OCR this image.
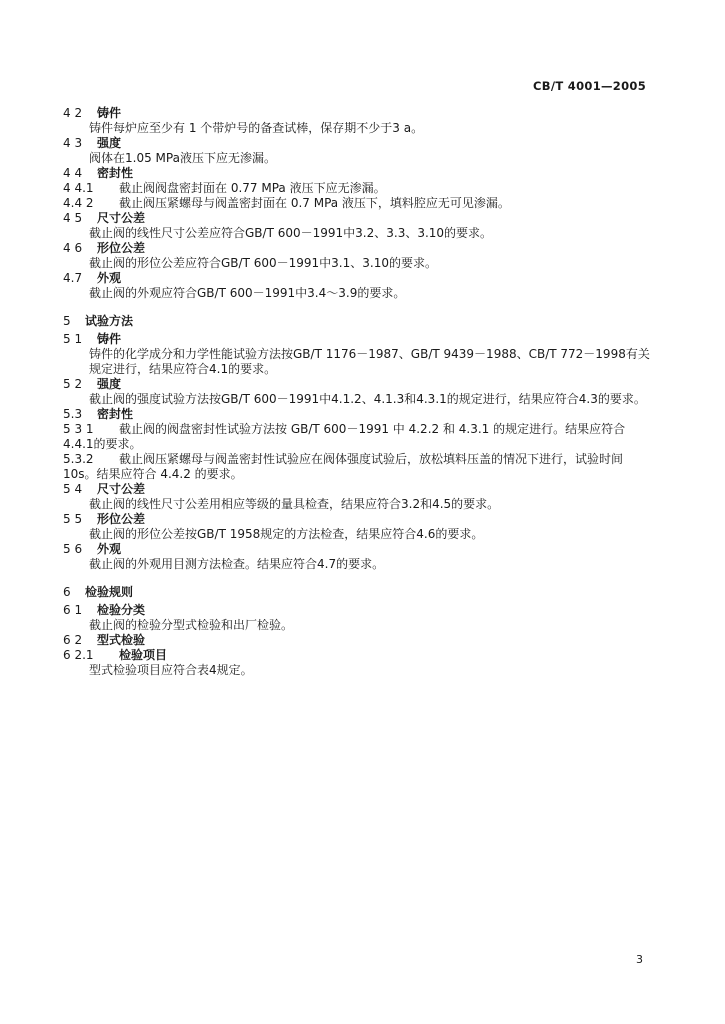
CB/T 4001—2005
4 2 铸件
铸件每炉应至少有 1 个带炉号的备查试棒，保存期不少于3 a。
4 3 强度
阀体在1.05 MPa液压下应无渗漏。
4 4 密封性
4 4.1 截止阀阀盘密封面在 0.77 MPa 液压下应无渗漏。
4.4 2 截止阀压紧螺母与阀盖密封面在 0.7 MPa 液压下，填料腔应无可见渗漏。
4 5 尺寸公差
截止阀的线性尺寸公差应符合GB/T 600－1991中3.2、3.3、3.10的要求。
4 6 形位公差
截止阀的形位公差应符合GB/T 600－1991中3.1、3.10的要求。
4.7 外观
截止阀的外观应符合GB/T 600－1991中3.4～3.9的要求。
5 试验方法
5 1 铸件
铸件的化学成分和力学性能试验方法按GB/T 1176－1987、GB/T 9439－1988、CB/T 772－1998有关规定进行，结果应符合4.1的要求。
5 2 强度
截止阀的强度试验方法按GB/T 600－1991中4.1.2、4.1.3和4.3.1的规定进行，结果应符合4.3的要求。
5.3 密封性
5 3 1 截止阀的阀盘密封性试验方法按 GB/T 600－1991 中 4.2.2 和 4.3.1 的规定进行。结果应符合4.4.1的要求。
5.3.2 截止阀压紧螺母与阀盖密封性试验应在阀体强度试验后，放松填料压盖的情况下进行，试验时间10s。结果应符合 4.4.2 的要求。
5 4 尺寸公差
截止阀的线性尺寸公差用相应等级的量具检查，结果应符合3.2和4.5的要求。
5 5 形位公差
截止阀的形位公差按GB/T 1958规定的方法检查，结果应符合4.6的要求。
5 6 外观
截止阀的外观用目测方法检查。结果应符合4.7的要求。
6 检验规则
6 1 检验分类
截止阀的检验分型式检验和出厂检验。
6 2 型式检验
6 2.1 检验项目
型式检验项目应符合表4规定。
3
